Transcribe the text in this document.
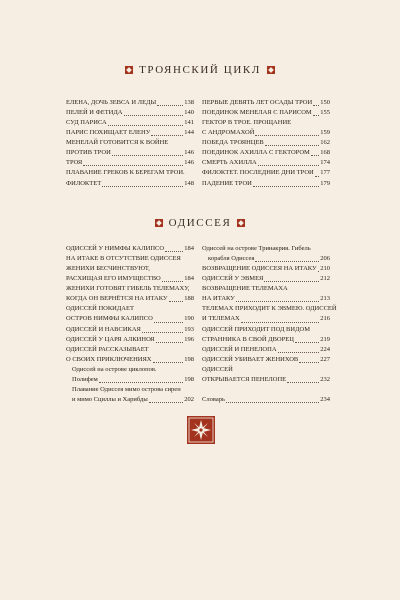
ТРОЯНСКИЙ ЦИКЛ
ЕЛЕНА, ДОЧЬ ЗЕВСА И ЛЕДЫ	138
ПЕЛЕЙ И ФЕТИДА	140
СУД ПАРИСА	141
ПАРИС ПОХИЩАЕТ ЕЛЕНУ	144
МЕНЕЛАЙ ГОТОВИТСЯ К ВОЙНЕ
ПРОТИВ ТРОИ	146
ТРОЯ	146
ПЛАВАНИЕ ГРЕКОВ К БЕРЕГАМ ТРОИ.
ФИЛОКТЕТ	148
ПЕРВЫЕ ДЕВЯТЬ ЛЕТ ОСАДЫ ТРОИ 150
ПОЕДИНОК МЕНЕЛАЯ С ПАРИСОМ 155
ГЕКТОР В ТРОЕ. ПРОЩАНИЕ
С АНДРОМАХОЙ	159
ПОБЕДА ТРОЯНЦЕВ	162
ПОЕДИНОК АХИЛЛА С ГЕКТОРОМ 168
СМЕРТЬ АХИЛЛА	174
ФИЛОКТЕТ. ПОСЛЕДНИЕ ДНИ ТРОИ 177
ПАДЕНИЕ ТРОИ	179
ОДИССЕЯ
ОДИССЕЙ У НИМФЫ КАЛИПСО	184
НА ИТАКЕ В ОТСУТСТВИЕ ОДИССЕЯ
ЖЕНИХИ БЕСЧИНСТВУЮТ,
РАСХИЩАЯ ЕГО ИМУЩЕСТВО	184
ЖЕНИХИ ГОТОВЯТ ГИБЕЛЬ ТЕЛЕМАХУ,
КОГДА ОН ВЕРНЁТСЯ НА ИТАКУ	188
ОДИССЕЙ ПОКИДАЕТ
ОСТРОВ НИМФЫ КАЛИПСО	190
ОДИССЕЙ И НАВСИКАЯ	193
ОДИССЕЙ У ЦАРЯ АЛКИНОЯ	196
ОДИССЕЙ РАССКАЗЫВАЕТ
О СВОИХ ПРИКЛЮЧЕНИЯХ	198
Одиссей на острове циклопов.
Полифем	198
Плавание Одиссея мимо острова сирен
и мимо Сциллы и Харибды	202
Одиссей на острове Тринакрия. Гибель
корабля Одиссея	206
ВОЗВРАЩЕНИЕ ОДИССЕЯ НА ИТАКУ 210
ОДИССЕЙ У ЭВМЕЯ	212
ВОЗВРАЩЕНИЕ ТЕЛЕМАХА
НА ИТАКУ	213
ТЕЛЕМАХ ПРИХОДИТ К ЭВМЕЮ. ОДИССЕЙ
И ТЕЛЕМАХ	216
ОДИССЕЙ ПРИХОДИТ ПОД ВИДОМ
СТРАННИКА В СВОЙ ДВОРЕЦ	219
ОДИССЕЙ И ПЕНЕЛОПА	224
ОДИССЕЙ УБИВАЕТ ЖЕНИХОВ	227
ОДИССЕЙ
ОТКРЫВАЕТСЯ ПЕНЕЛОПЕ	232

Словарь	234
